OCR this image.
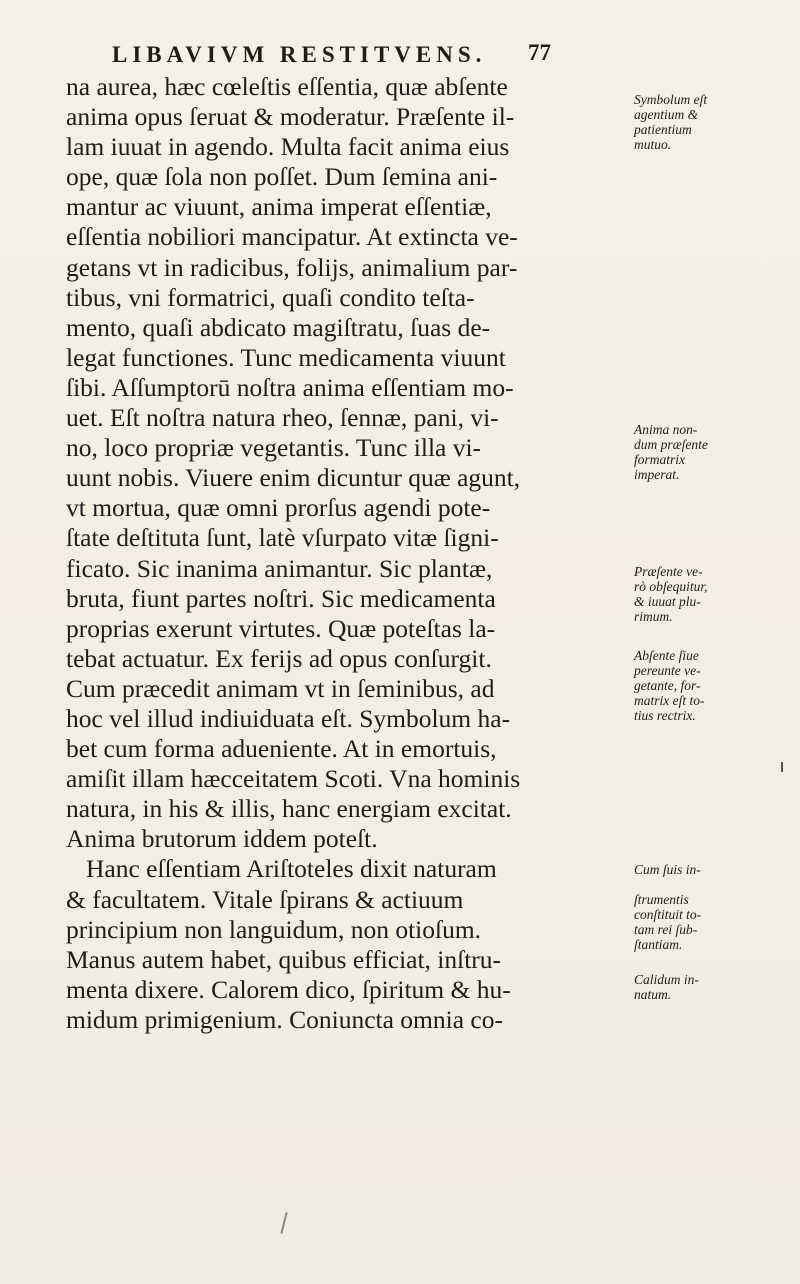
LIBAVIVM RESTITVENS. 77
na aurea, hæc cœleſtis eſſentia, quæ abſente
anima opus ſeruat & moderatur. Præſente il-
lam iuuat in agendo. Multa facit anima eius
ope, quæ ſola non poſſet. Dum ſemina ani-
mantur ac viuunt, anima imperat eſſentiæ,
eſſentia nobiliori mancipatur. At extincta ve-
getans vt in radicibus, folijs, animalium par-
tibus, vni formatrici, quaſi condito teſta-
mento, quaſi abdicato magiſtratu, ſuas de-
legat functiones. Tunc medicamenta viuunt
ſibi. Aſſumptorū noſtra anima eſſentiam mo-
uet. Eſt noſtra natura rheo, ſennæ, pani, vi-
no, loco propriæ vegetantis. Tunc illa vi-
uunt nobis. Viuere enim dicuntur quæ agunt,
vt mortua, quæ omni prorſus agendi pote-
ſtate deſtituta ſunt, latè vſurpato vitæ ſigni-
ficato. Sic inanima animantur. Sic plantæ,
bruta, fiunt partes noſtri. Sic medicamenta
proprias exerunt virtutes. Quæ poteſtas la-
tebat actuatur. Ex ferijs ad opus conſurgit.
Cum præcedit animam vt in ſeminibus, ad
hoc vel illud indiuiduata eſt. Symbolum ha-
bet cum forma adueniente. At in emortuis,
amiſit illam hæcceitatem Scoti. Vna hominis
natura, in his & illis, hanc energiam excitat.
Anima brutorum iddem poteſt.
Hanc eſſentiam Ariſtoteles dixit naturam
& facultatem. Vitale ſpirans & actiuum
principium non languidum, non otioſum.
Manus autem habet, quibus efficiat, inſtru-
menta dixere. Calorem dico, ſpiritum & hu-
midum primigenium. Coniuncta omnia co-
Symbolum eſt
agentium &
patientium
mutuo.
Anima non-
dum præſente
formatrix
imperat.
Præſente ve-
rò obſequitur,
& iuuat plu-
rimum.
Abſente ſiue
pereunte ve-
getante, for-
matrix eſt to-
tius rectrix.
Cum ſuis in-
ſtrumentis
conſtituit to-
tam rei ſub-
ſtantiam.
Calidum in-
natum.
